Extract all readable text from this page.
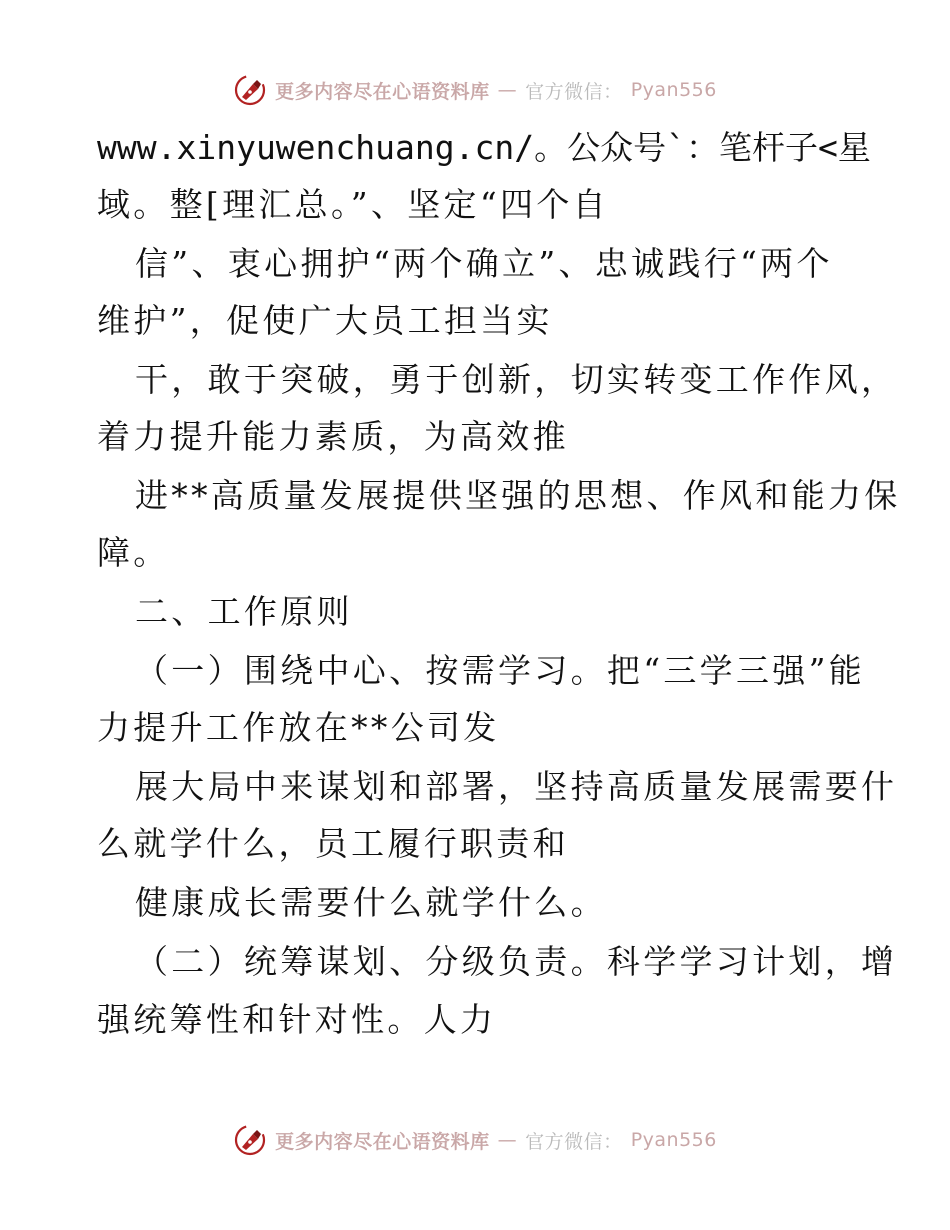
更多内容尽在心语资料库 — 官方微信： Pyan556
www.xinyuwenchuang.cn/。公众号`：笔杆子<星
域。整[理汇总。”、坚定“四个自
信”、衷心拥护“两个确立”、忠诚践行“两个
维护”，促使广大员工担当实
干，敢于突破，勇于创新，切实转变工作作风，
着力提升能力素质，为高效推
进**高质量发展提供坚强的思想、作风和能力保
障。
二、工作原则
（一）围绕中心、按需学习。把“三学三强”能
力提升工作放在**公司发
展大局中来谋划和部署，坚持高质量发展需要什
么就学什么，员工履行职责和
健康成长需要什么就学什么。
（二）统筹谋划、分级负责。科学学习计划，增
强统筹性和针对性。人力
更多内容尽在心语资料库 — 官方微信： Pyan556
